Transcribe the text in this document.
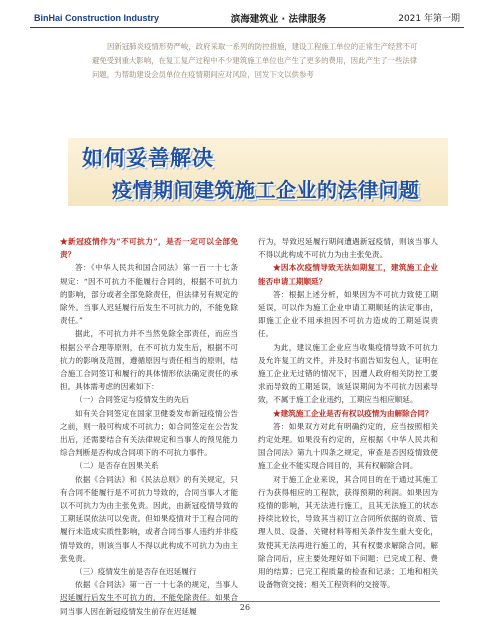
BinHai Construction Industry	滨海建筑业 · 法律服务	2021 年第一期

因新冠肺炎疫情形势严峻，政府采取一系列的防控措施，建设工程施工单位的正常生产经营不可避免受到重大影响，在复工复产过程中不少建筑施工单位也产生了更多的费用，因此产生了一些法律问题，为帮助建设会员单位在疫情期间应对风险，回发下文以供参考

如何妥善解决
疫情期间建筑施工企业的法律问题

★新冠疫情作为“不可抗力”，是否一定可以全部免责？

答：《中华人民共和国合同法》第一百一十七条规定：“因不可抗力不能履行合同的，根据不可抗力的影响，部分或者全部免除责任，但法律另有规定的除外。当事人迟延履行后发生不可抗力的，不能免除责任。”

据此，不可抗力并不当然免除全部责任，而应当根据公平合理等原则，在不可抗力发生后，根据不可抗力的影响及范围，遵循原因与责任相当的原则，结合施工合同签订和履行的具体情形依法确定责任的承担。具体需考虑的因素如下：

（一）合同签定与疫情发生的先后

如有关合同签定在国家卫健委发布新冠疫情公告之前，则一般可构成不可抗力；如合同签定在公告发出后，还需要结合有关法律规定和当事人的预见能力综合判断是否构成合同项下的不可抗力事件。

（二）是否存在因果关系

依据《合同法》和《民法总则》的有关规定，只有合同不能履行是不可抗力导致的，合同当事人才能以不可抗力为由主张免责。因此，由新冠疫情导致的工期延误依法可以免责。但如果疫情对于工程合同的履行未造成实质性影响，或者合同当事人违约并非疫情导致的，则该当事人不得以此构成不可抗力为由主张免责。

（三）疫情发生前是否存在迟延履行

依据《合同法》第一百一十七条的规定，当事人迟延履行后发生不可抗力的，不能免除责任。如果合同当事人因在新冠疫情发生前存在迟延履

行为，导致迟延履行期间遭遇新冠疫情，则该当事人不得以此构成不可抗力为由主张免责。

★因本次疫情导致无法如期复工，建筑施工企业能否申请工期顺延？

答：根据上述分析，如果因为不可抗力致使工期延误，可以作为施工企业申请工期顺延的法定事由，即施工企业不用承担因不可抗力造成的工期延误责任。

为此，建议施工企业应当收集疫情导致不可抗力及允许复工的文件，并及时书面告知发包人，证明在施工企业无过错的情况下，因遭人政府相关防控工要求而导致的工期延误，该延误期间为不可抗力因素导致，不属于施工企业违约，工期应当相应顺延。

★建筑施工企业是否有权以疫情为由解除合同？

答：如果双方对此有明确约定的，应当按照相关约定处理。如果没有约定的，应根据《中华人民共和国合同法》第九十四条之规定，审查是否因疫情致使施工企业不能实现合同目的，其有权解除合同。

对于施工企业来说，其合同目的在于通过其施工行为获得相应的工程款，获得预期的利润。如果因为疫情的影响，其无法进行施工，且其无法施工的状态持续比较长，导致其当初订立合同所依据的资质、管理人员、设备、关键材料等相关条件发生重大变化，致使其无法再进行施工的，其有权要求解除合同。解除合同后，应主要处理好如下问题：已完成工程、费用的结算；已完工程质量的检查和记录；工地和相关设备物资交接；相关工程资料的交接等。

26
